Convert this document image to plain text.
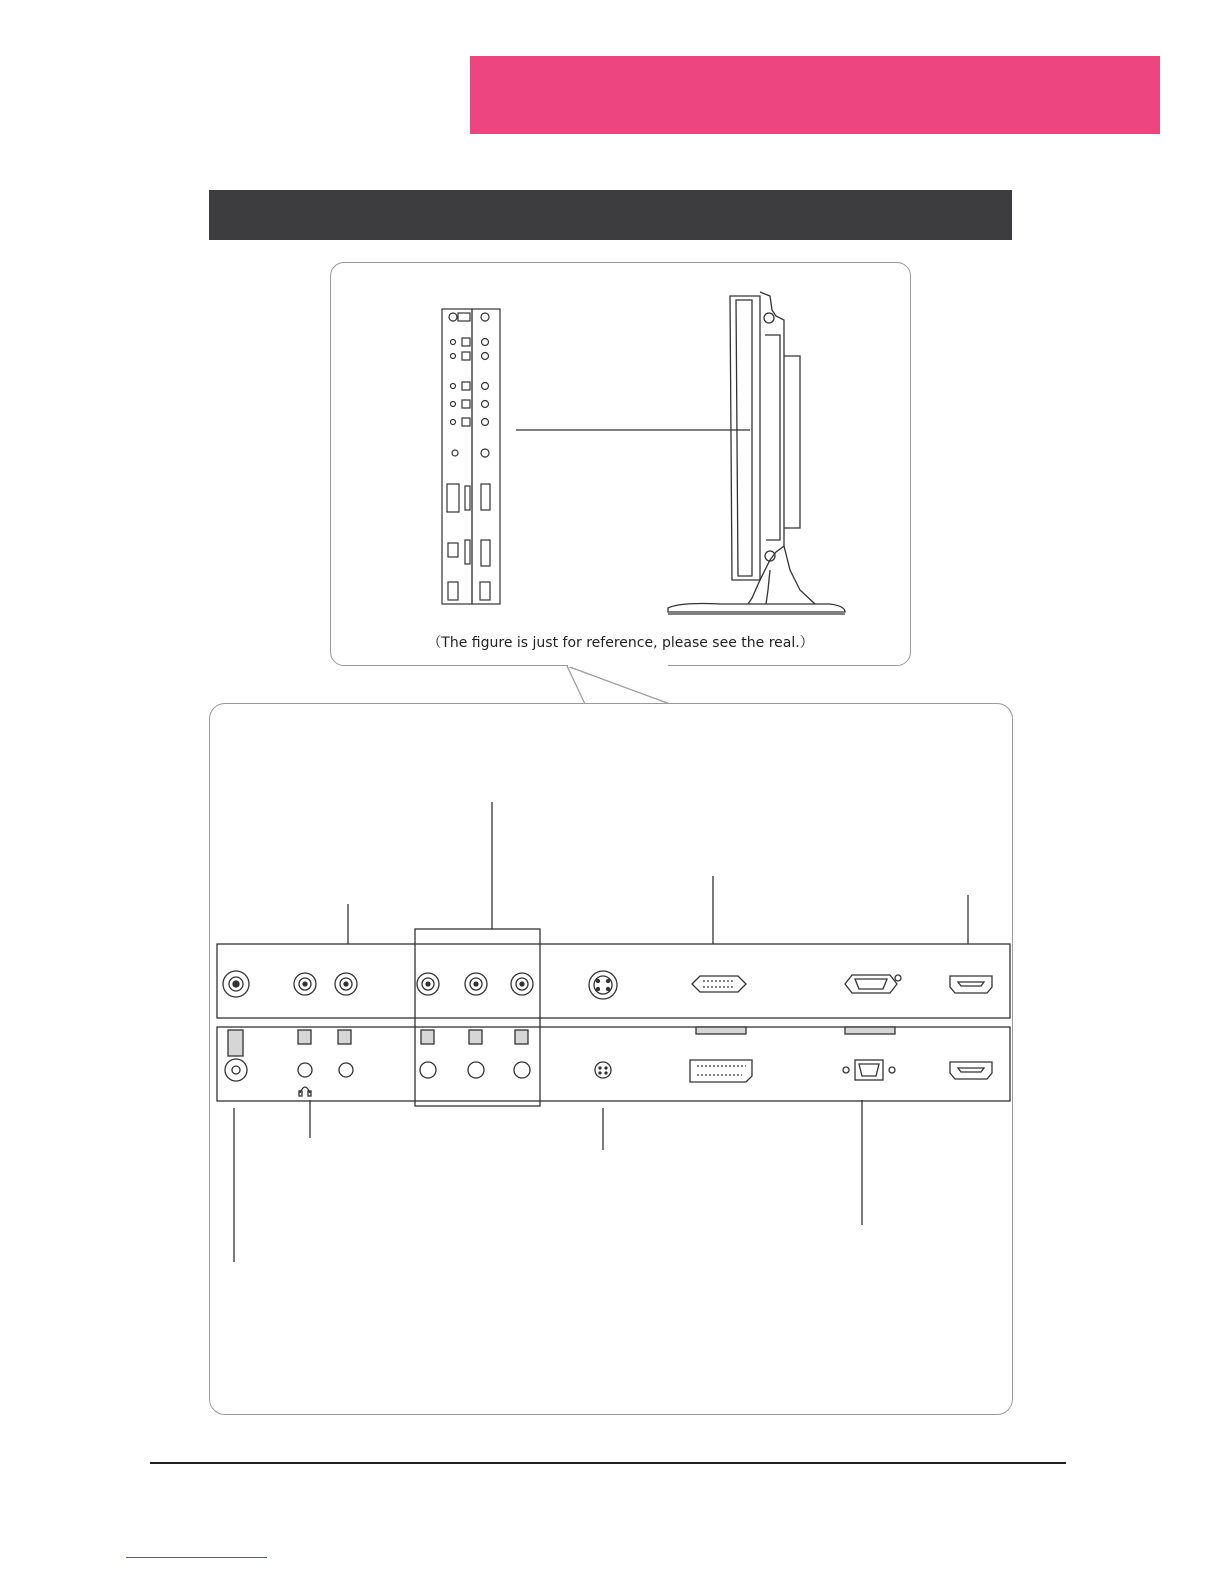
（The figure is just for reference, please see the real.）
